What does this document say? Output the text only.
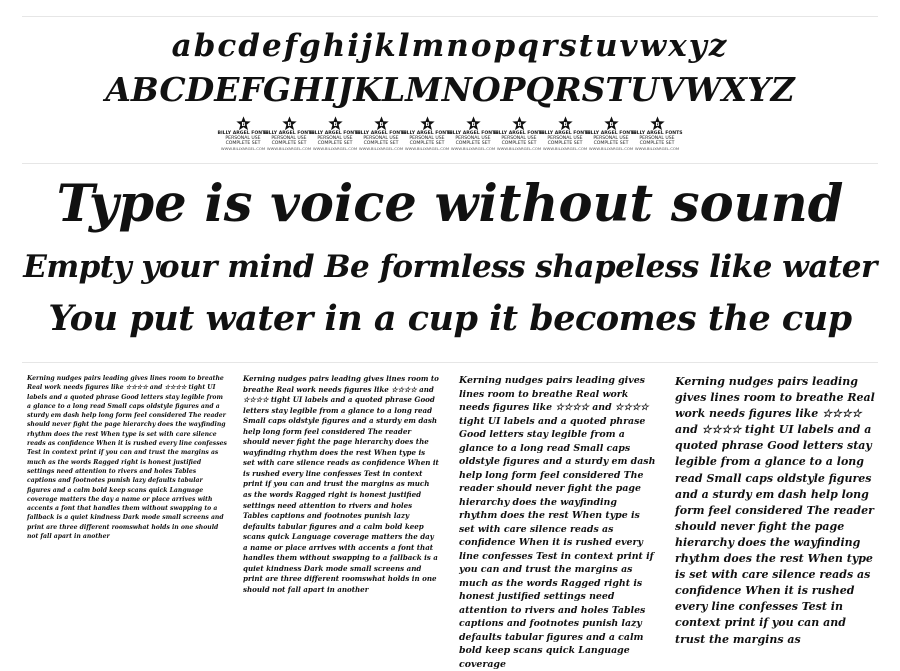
abcdefghijklmnopqrstuvwxyz
ABCDEFGHIJKLMNOPQRSTUVWXYZ
B
BILLY ARGEL FONTS
PERSONAL USE
COMPLETE SET
WWW.BILLYARGEL.COM
B
BILLY ARGEL FONTS
PERSONAL USE
COMPLETE SET
WWW.BILLYARGEL.COM
B
BILLY ARGEL FONTS
PERSONAL USE
COMPLETE SET
WWW.BILLYARGEL.COM
B
BILLY ARGEL FONTS
PERSONAL USE
COMPLETE SET
WWW.BILLYARGEL.COM
B
BILLY ARGEL FONTS
PERSONAL USE
COMPLETE SET
WWW.BILLYARGEL.COM
B
BILLY ARGEL FONTS
PERSONAL USE
COMPLETE SET
WWW.BILLYARGEL.COM
B
BILLY ARGEL FONTS
PERSONAL USE
COMPLETE SET
WWW.BILLYARGEL.COM
B
BILLY ARGEL FONTS
PERSONAL USE
COMPLETE SET
WWW.BILLYARGEL.COM
B
BILLY ARGEL FONTS
PERSONAL USE
COMPLETE SET
WWW.BILLYARGEL.COM
B
BILLY ARGEL FONTS
PERSONAL USE
COMPLETE SET
WWW.BILLYARGEL.COM
Type is voice without sound
Empty your mind Be formless shapeless like water
You put water in a cup it becomes the cup
Kerning nudges pairs leading gives lines room to breathe Real work needs figures like ☆☆☆☆ and ☆☆☆☆ tight UI labels and a quoted phrase Good letters stay legible from a glance to a long read Small caps oldstyle figures and a sturdy em dash help long form feel considered The reader should never fight the page hierarchy does the wayfinding rhythm does the rest When type is set with care silence reads as confidence When it is rushed every line confesses Test in context print if you can and trust the margins as much as the words Ragged right is honest justified settings need attention to rivers and holes Tables captions and footnotes punish lazy defaults tabular figures and a calm bold keep scans quick Language coverage matters the day a name or place arrives with accents a font that handles them without swapping to a fallback is a quiet kindness Dark mode small screens and print are three different roomswhat holds in one should not fall apart in another
Kerning nudges pairs leading gives lines room to breathe Real work needs figures like ☆☆☆☆ and ☆☆☆☆ tight UI labels and a quoted phrase Good letters stay legible from a glance to a long read Small caps oldstyle figures and a sturdy em dash help long form feel considered The reader should never fight the page hierarchy does the wayfinding rhythm does the rest When type is set with care silence reads as confidence When it is rushed every line confesses Test in context print if you can and trust the margins as much as the words Ragged right is honest justified settings need attention to rivers and holes Tables captions and footnotes punish lazy defaults tabular figures and a calm bold keep scans quick Language coverage matters the day a name or place arrives with accents a font that handles them without swapping to a fallback is a quiet kindness Dark mode small screens and print are three different roomswhat holds in one should not fall apart in another
Kerning nudges pairs leading gives lines room to breathe Real work needs figures like ☆☆☆☆ and ☆☆☆☆ tight UI labels and a quoted phrase Good letters stay legible from a glance to a long read Small caps oldstyle figures and a sturdy em dash help long form feel considered The reader should never fight the page hierarchy does the wayfinding rhythm does the rest When type is set with care silence reads as confidence When it is rushed every line confesses Test in context print if you can and trust the margins as much as the words Ragged right is honest justified settings need attention to rivers and holes Tables captions and footnotes punish lazy defaults tabular figures and a calm bold keep scans quick Language coverage
Kerning nudges pairs leading gives lines room to breathe Real work needs figures like ☆☆☆☆ and ☆☆☆☆ tight UI labels and a quoted phrase Good letters stay legible from a glance to a long read Small caps oldstyle figures and a sturdy em dash help long form feel considered The reader should never fight the page hierarchy does the wayfinding rhythm does the rest When type is set with care silence reads as confidence When it is rushed every line confesses Test in context print if you can and trust the margins as
